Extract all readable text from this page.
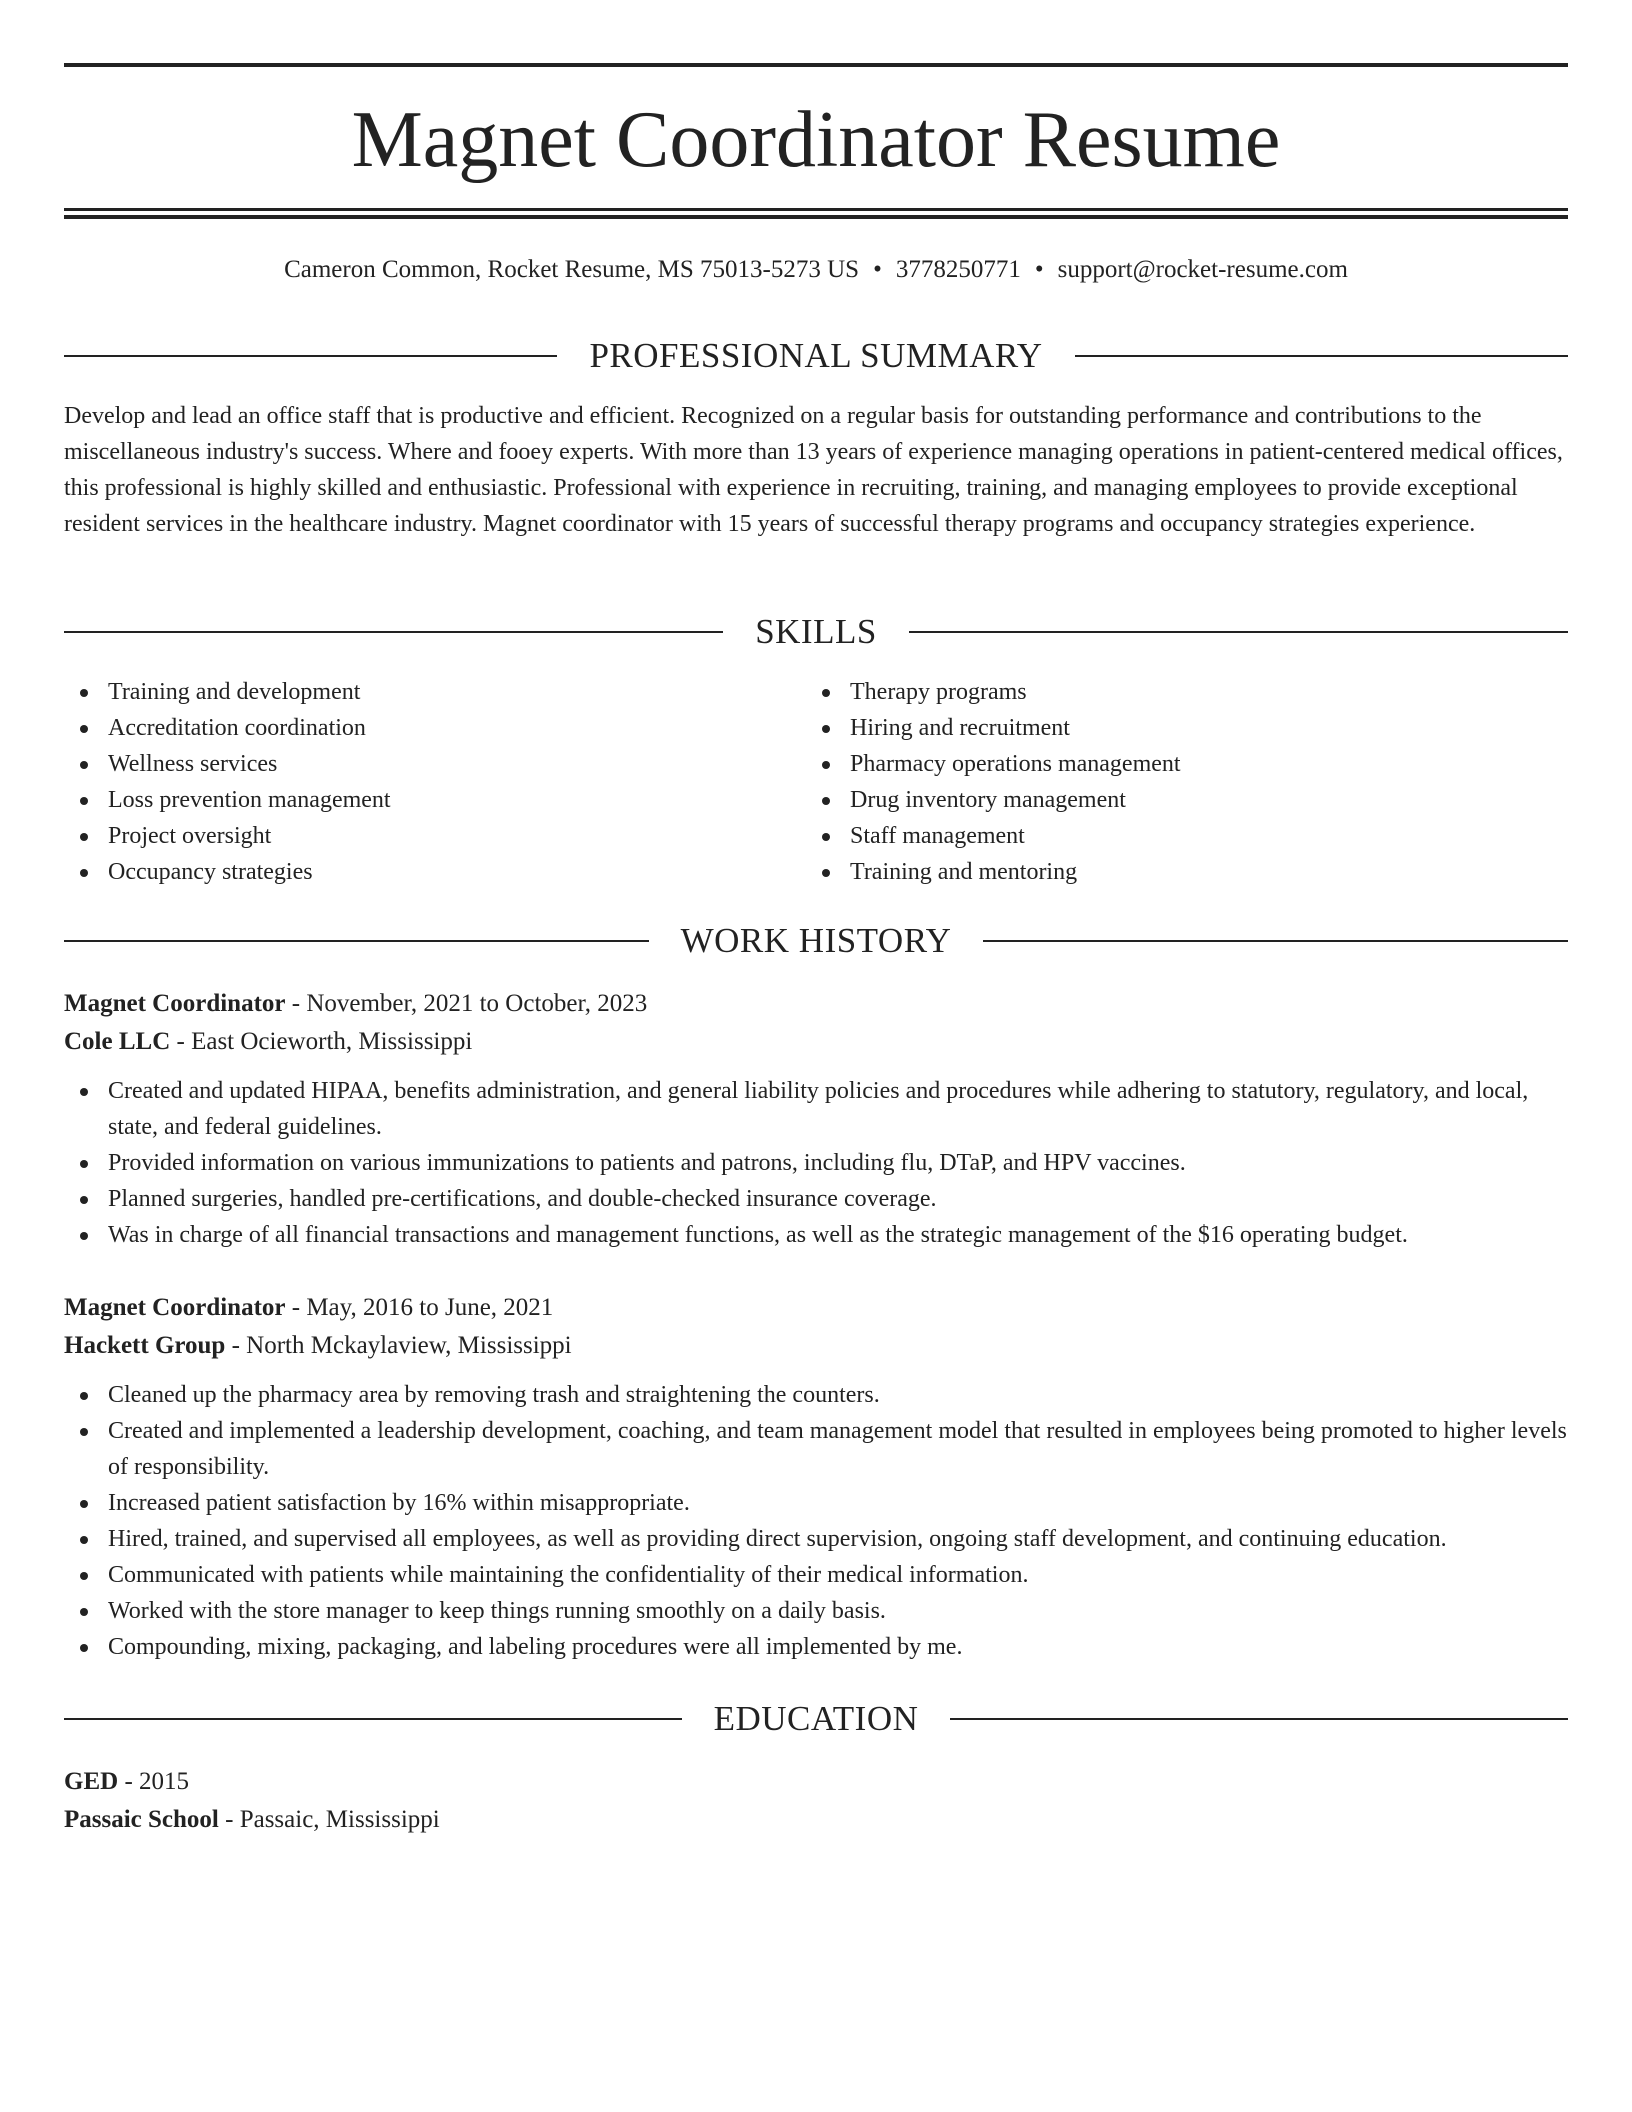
Magnet Coordinator Resume
Cameron Common, Rocket Resume, MS 75013-5273 US • 3778250771 • support@rocket-resume.com
PROFESSIONAL SUMMARY

Develop and lead an office staff that is productive and efficient. Recognized on a regular basis for outstanding performance and contributions to the miscellaneous industry's success. Where and fooey experts. With more than 13 years of experience managing operations in patient-centered medical offices, this professional is highly skilled and enthusiastic. Professional with experience in recruiting, training, and managing employees to provide exceptional resident services in the healthcare industry. Magnet coordinator with 15 years of successful therapy programs and occupancy strategies experience.

SKILLS
Training and development
Accreditation coordination
Wellness services
Loss prevention management
Project oversight
Occupancy strategies
Therapy programs
Hiring and recruitment
Pharmacy operations management
Drug inventory management
Staff management
Training and mentoring
WORK HISTORY

Magnet Coordinator - November, 2021 to October, 2023

Cole LLC - East Ocieworth, Mississippi

Created and updated HIPAA, benefits administration, and general liability policies and procedures while adhering to statutory, regulatory, and local, state, and federal guidelines.
Provided information on various immunizations to patients and patrons, including flu, DTaP, and HPV vaccines.
Planned surgeries, handled pre-certifications, and double-checked insurance coverage.
Was in charge of all financial transactions and management functions, as well as the strategic management of the $16 operating budget.

Magnet Coordinator - May, 2016 to June, 2021

Hackett Group - North Mckaylaview, Mississippi

Cleaned up the pharmacy area by removing trash and straightening the counters.
Created and implemented a leadership development, coaching, and team management model that resulted in employees being promoted to higher levels of responsibility.
Increased patient satisfaction by 16% within misappropriate.
Hired, trained, and supervised all employees, as well as providing direct supervision, ongoing staff development, and continuing education.
Communicated with patients while maintaining the confidentiality of their medical information.
Worked with the store manager to keep things running smoothly on a daily basis.
Compounding, mixing, packaging, and labeling procedures were all implemented by me.
EDUCATION

GED - 2015

Passaic School - Passaic, Mississippi
